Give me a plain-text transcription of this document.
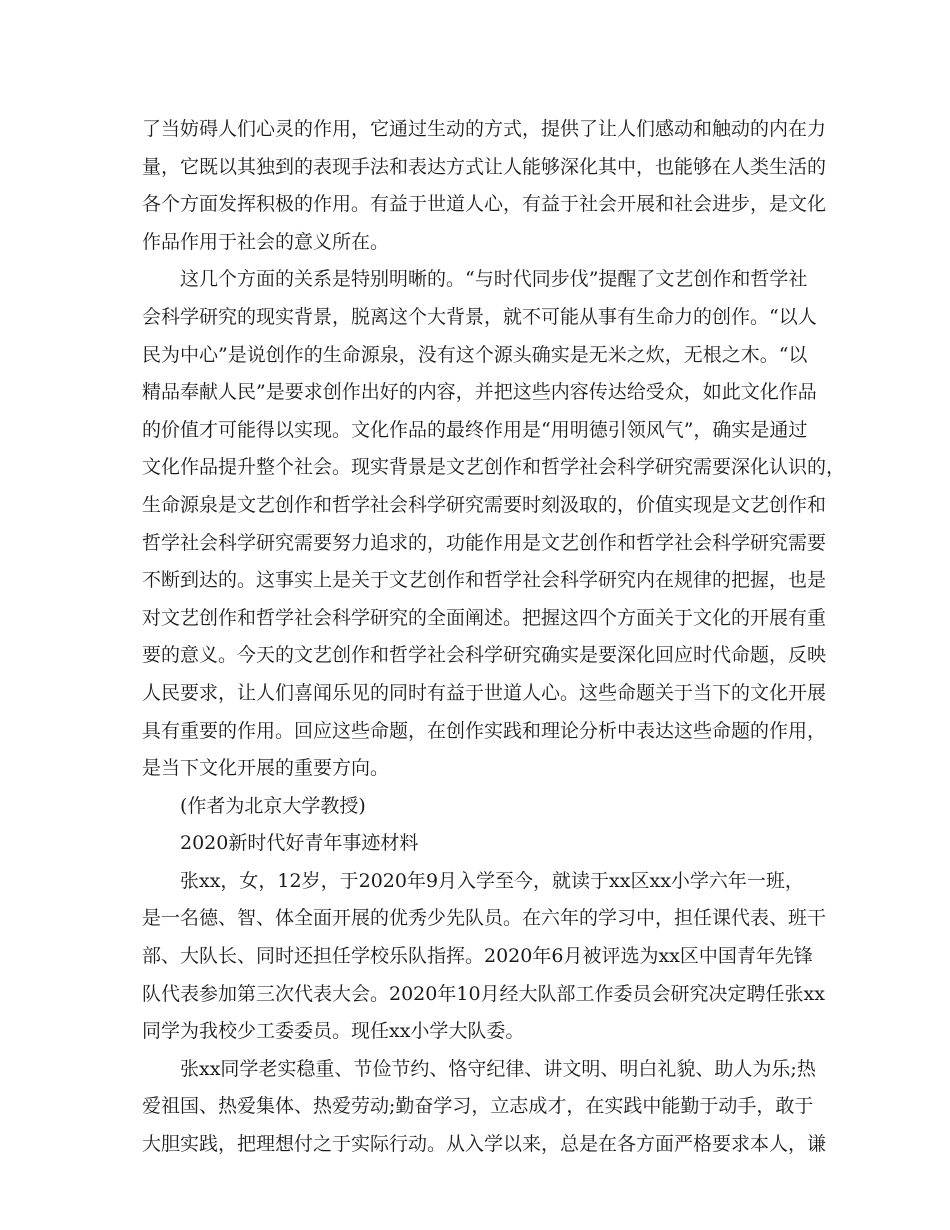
了当妨碍人们心灵的作用，它通过生动的方式，提供了让人们感动和触动的内在力
量，它既以其独到的表现手法和表达方式让人能够深化其中，也能够在人类生活的
各个方面发挥积极的作用。有益于世道人心，有益于社会开展和社会进步，是文化
作品作用于社会的意义所在。
这几个方面的关系是特别明晰的。“与时代同步伐”提醒了文艺创作和哲学社
会科学研究的现实背景，脱离这个大背景，就不可能从事有生命力的创作。“以人
民为中心”是说创作的生命源泉，没有这个源头确实是无米之炊，无根之木。“以
精品奉献人民”是要求创作出好的内容，并把这些内容传达给受众，如此文化作品
的价值才可能得以实现。文化作品的最终作用是“用明德引领风气”，确实是通过
文化作品提升整个社会。现实背景是文艺创作和哲学社会科学研究需要深化认识的，
生命源泉是文艺创作和哲学社会科学研究需要时刻汲取的，价值实现是文艺创作和
哲学社会科学研究需要努力追求的，功能作用是文艺创作和哲学社会科学研究需要
不断到达的。这事实上是关于文艺创作和哲学社会科学研究内在规律的把握，也是
对文艺创作和哲学社会科学研究的全面阐述。把握这四个方面关于文化的开展有重
要的意义。今天的文艺创作和哲学社会科学研究确实是要深化回应时代命题，反映
人民要求，让人们喜闻乐见的同时有益于世道人心。这些命题关于当下的文化开展
具有重要的作用。回应这些命题，在创作实践和理论分析中表达这些命题的作用，
是当下文化开展的重要方向。
(作者为北京大学教授)
2020新时代好青年事迹材料
张xx，女，12岁，于2020年9月入学至今，就读于xx区xx小学六年一班，
是一名德、智、体全面开展的优秀少先队员。在六年的学习中，担任课代表、班干
部、大队长、同时还担任学校乐队指挥。2020年6月被评选为xx区中国青年先锋
队代表参加第三次代表大会。2020年10月经大队部工作委员会研究决定聘任张xx
同学为我校少工委委员。现任xx小学大队委。
张xx同学老实稳重、节俭节约、恪守纪律、讲文明、明白礼貌、助人为乐;热
爱祖国、热爱集体、热爱劳动;勤奋学习，立志成才，在实践中能勤于动手，敢于
大胆实践，把理想付之于实际行动。从入学以来，总是在各方面严格要求本人，谦
